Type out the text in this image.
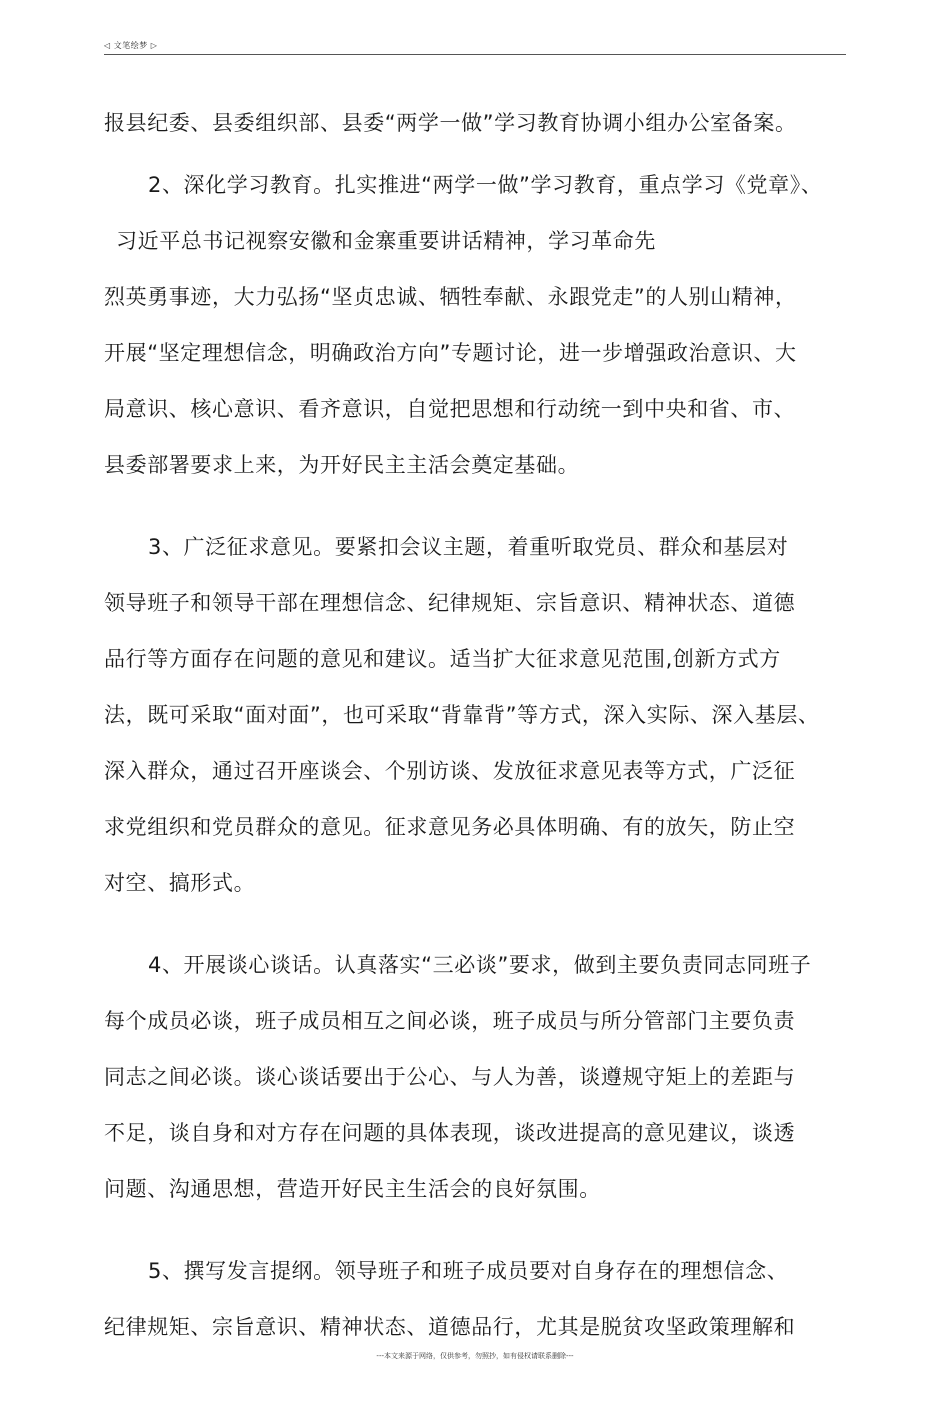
◁ 文笔绘梦 ▷
报县纪委、县委组织部、县委“两学一做”学习教育协调小组办公室备案。
2、深化学习教育。扎实推进“两学一做”学习教育，重点学习《党章》、
习近平总书记视察安徽和金寨重要讲话精神，学习革命先
烈英勇事迹，大力弘扬“坚贞忠诚、牺牲奉献、永跟党走”的人别山精神，
开展“坚定理想信念，明确政治方向”专题讨论，进一步增强政治意识、大
局意识、核心意识、看齐意识，自觉把思想和行动统一到中央和省、市、
县委部署要求上来，为开好民主主活会奠定基础。
3、广泛征求意见。要紧扣会议主题，着重听取党员、群众和基层对
领导班子和领导干部在理想信念、纪律规矩、宗旨意识、精神状态、道德
品行等方面存在问题的意见和建议。适当扩大征求意见范围,创新方式方
法，既可采取“面对面”，也可采取“背靠背”等方式，深入实际、深入基层、
深入群众，通过召开座谈会、个别访谈、发放征求意见表等方式，广泛征
求党组织和党员群众的意见。征求意见务必具体明确、有的放矢，防止空
对空、搞形式。
4、开展谈心谈话。认真落实“三必谈”要求，做到主要负责同志同班子
每个成员必谈，班子成员相互之间必谈，班子成员与所分管部门主要负责
同志之间必谈。谈心谈话要出于公心、与人为善，谈遵规守矩上的差距与
不足，谈自身和对方存在问题的具体表现，谈改进提高的意见建议，谈透
问题、沟通思想，营造开好民主生活会的良好氛围。
5、撰写发言提纲。领导班子和班子成员要对自身存在的理想信念、
纪律规矩、宗旨意识、精神状态、道德品行，尤其是脱贫攻坚政策理解和
---本文来源于网络，仅供参考，勿照抄，如有侵权请联系删除---
